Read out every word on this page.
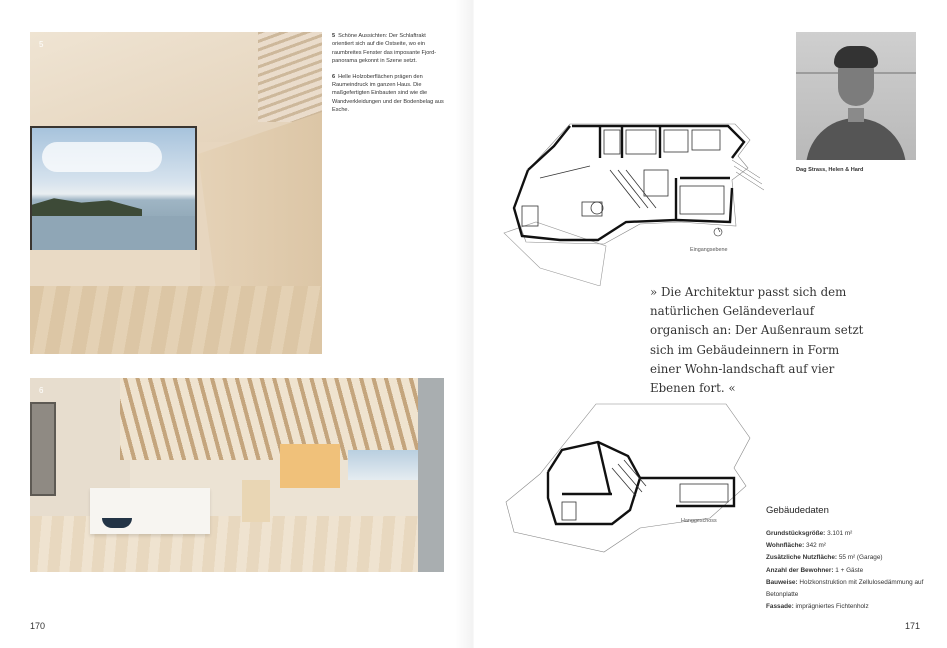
5

5 Schöne Aussichten: Der Schlaftrakt orientiert sich auf die Ostseite, wo ein raumbreites Fenster das imposante Fjord-panorama gekonnt in Szene setzt.

6 Helle Holzoberflächen prägen den Raumeindruck im ganzen Haus. Die maßgefertigten Einbauten sind wie die Wandverkleidungen und der Bodenbelag aus Esche.

6
170
Dag Strass, Helen & Hard
Eingangsebene
» Die Architektur passt sich dem natürlichen Geländeverlauf organisch an: Der Außenraum setzt sich im Gebäudeinnern in Form einer Wohn-landschaft auf vier Ebenen fort. «
Hanggeschoss
Gebäudedaten
Grundstücksgröße: 3.101 m²
Wohnfläche: 342 m²
Zusätzliche Nutzfläche: 55 m² (Garage)
Anzahl der Bewohner: 1 + Gäste
Bauweise: Holzkonstruktion mit Zellulosedämmung auf Betonplatte
Fassade: imprägniertes Fichtenholz
171
